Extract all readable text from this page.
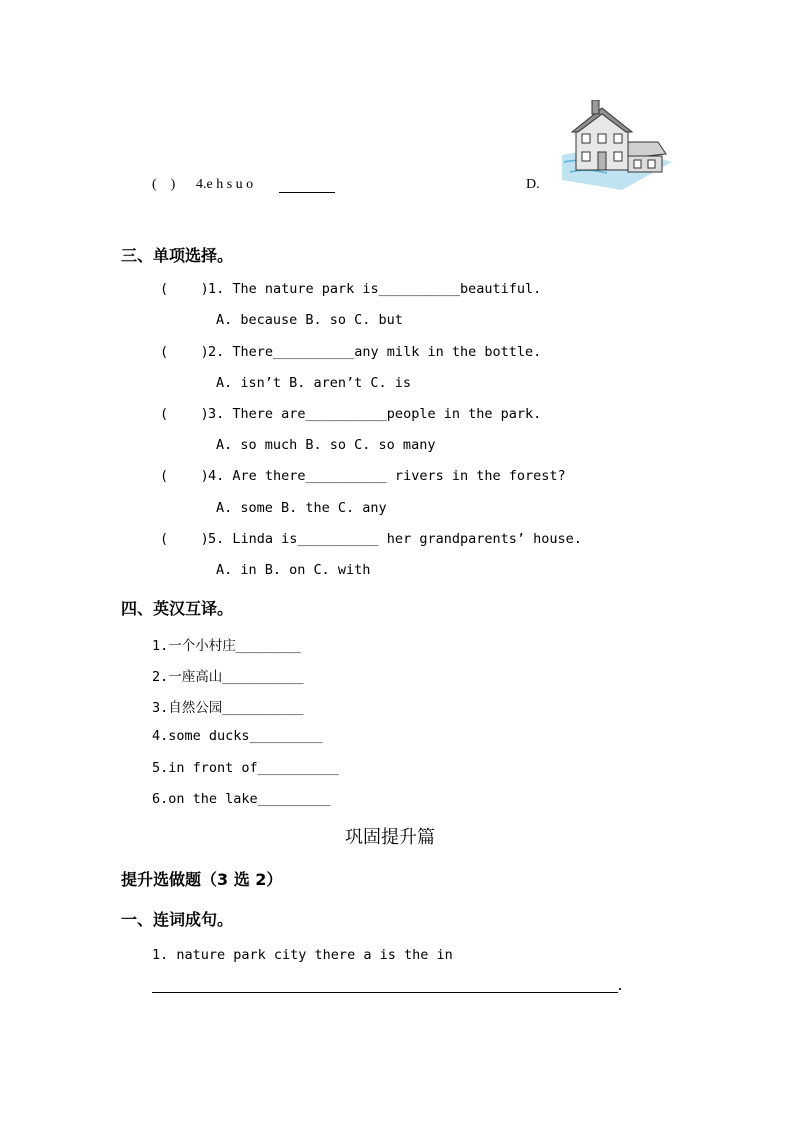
(    ) 4.e h s u o	D.
三、单项选择。
(    ) 1. The nature park is__________beautiful.
A. because B. so C. but
(    ) 2. There__________any milk in the bottle.
A. isn’t B. aren’t C. is
(    ) 3. There are__________people in the park.
A. so much B. so C. so many
(    ) 4. Are there__________ rivers in the forest?
A. some B. the C. any
(    ) 5. Linda is__________ her grandparents’ house.
A. in B. on C. with
四、英汉互译。
1.一个小村庄________
2.一座高山__________
3.自然公园__________
4.some ducks_________
5.in front of__________
6.on the lake_________
巩固提升篇
提升选做题（3 选 2）
一、连词成句。
1. nature park city there a is the in
.
